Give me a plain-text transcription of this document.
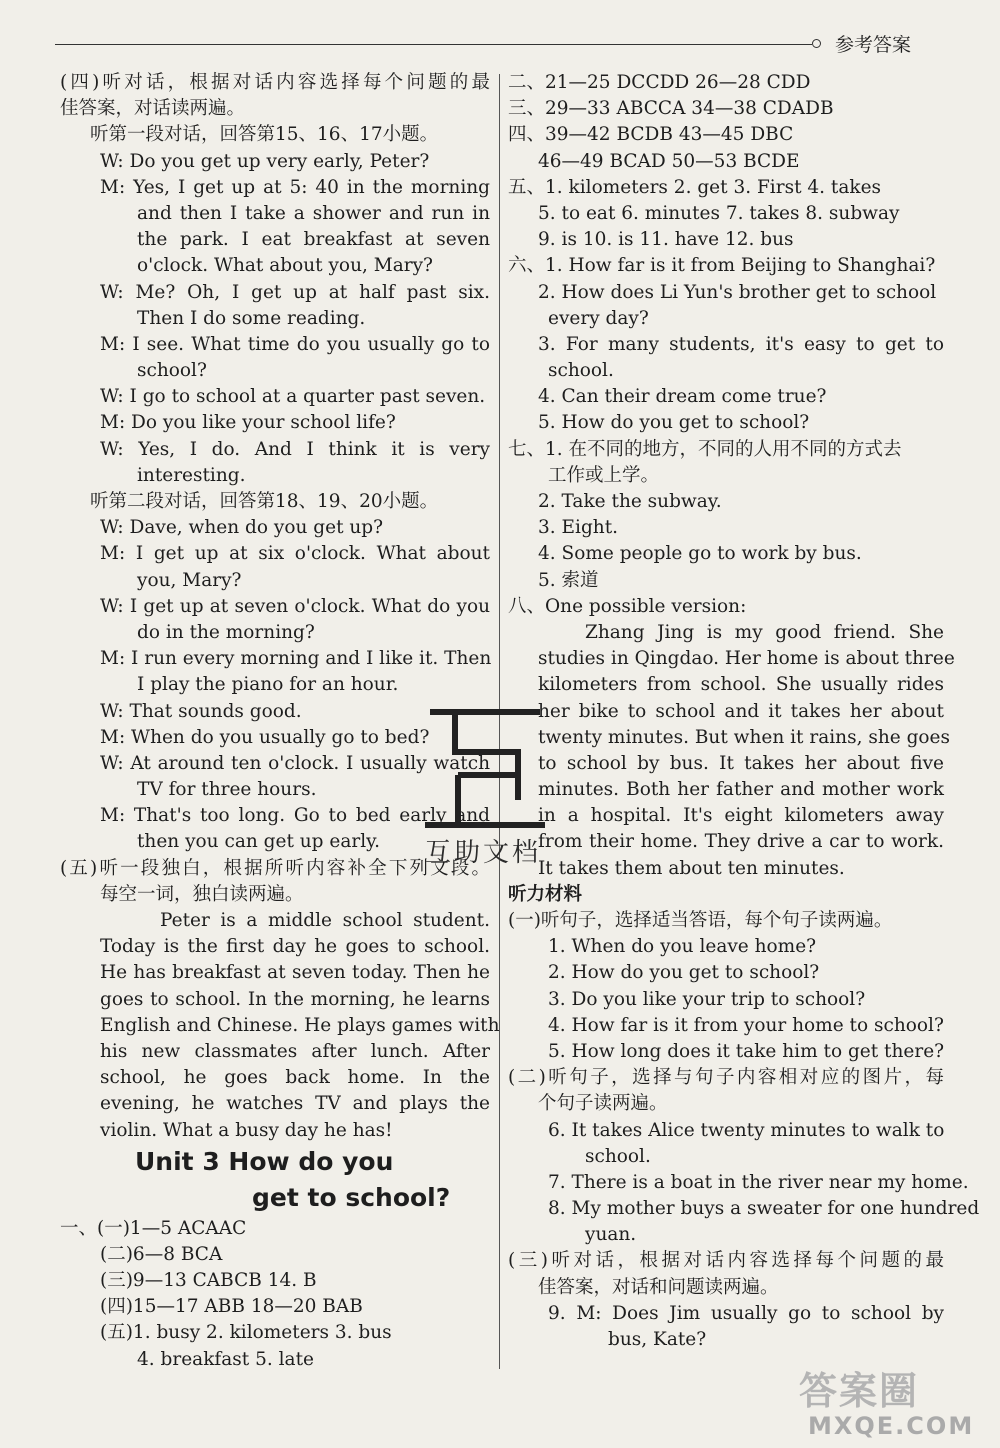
参考答案
(四)听对话，根据对话内容选择每个问题的最
佳答案，对话读两遍。
听第一段对话，回答第15、16、17小题。
W: Do you get up very early, Peter?
M: Yes, I get up at 5: 40 in the morning
and then I take a shower and run in
the park. I eat breakfast at seven
o'clock. What about you, Mary?
W: Me? Oh, I get up at half past six.
Then I do some reading.
M: I see. What time do you usually go to
school?
W: I go to school at a quarter past seven.
M: Do you like your school life?
W: Yes, I do. And I think it is very
interesting.
听第二段对话，回答第18、19、20小题。
W: Dave, when do you get up?
M: I get up at six o'clock. What about
you, Mary?
W: I get up at seven o'clock. What do you
do in the morning?
M: I run every morning and I like it. Then
I play the piano for an hour.
W: That sounds good.
M: When do you usually go to bed?
W: At around ten o'clock. I usually watch
TV for three hours.
M: That's too long. Go to bed early and
then you can get up early.
(五)听一段独白，根据所听内容补全下列文段。
每空一词，独白读两遍。
Peter is a middle school student.
Today is the first day he goes to school.
He has breakfast at seven today. Then he
goes to school. In the morning, he learns
English and Chinese. He plays games with
his new classmates after lunch. After
school, he goes back home. In the
evening, he watches TV and plays the
violin. What a busy day he has!
Unit 3 How do you
get to school?
一、(一)1—5 ACAAC
(二)6—8 BCA
(三)9—13 CABCB 14. B
(四)15—17 ABB 18—20 BAB
(五)1. busy 2. kilometers 3. bus
4. breakfast 5. late
二、21—25 DCCDD 26—28 CDD
三、29—33 ABCCA 34—38 CDADB
四、39—42 BCDB 43—45 DBC
46—49 BCAD 50—53 BCDE
五、1. kilometers 2. get 3. First 4. takes
5. to eat 6. minutes 7. takes 8. subway
9. is 10. is 11. have 12. bus
六、1. How far is it from Beijing to Shanghai?
2. How does Li Yun's brother get to school
every day?
3. For many students, it's easy to get to
school.
4. Can their dream come true?
5. How do you get to school?
七、1. 在不同的地方，不同的人用不同的方式去
工作或上学。
2. Take the subway.
3. Eight.
4. Some people go to work by bus.
5. 索道
八、One possible version:
Zhang Jing is my good friend. She
studies in Qingdao. Her home is about three
kilometers from school. She usually rides
her bike to school and it takes her about
twenty minutes. But when it rains, she goes
to school by bus. It takes her about five
minutes. Both her father and mother work
in a hospital. It's eight kilometers away
from their home. They drive a car to work.
It takes them about ten minutes.
听力材料
(一)听句子，选择适当答语，每个句子读两遍。
1. When do you leave home?
2. How do you get to school?
3. Do you like your trip to school?
4. How far is it from your home to school?
5. How long does it take him to get there?
(二)听句子，选择与句子内容相对应的图片，每
个句子读两遍。
6. It takes Alice twenty minutes to walk to
school.
7. There is a boat in the river near my home.
8. My mother buys a sweater for one hundred
yuan.
(三)听对话，根据对话内容选择每个问题的最
佳答案，对话和问题读两遍。
9. M: Does Jim usually go to school by
bus, Kate?
互助文档
答案圈
MXQE.COM
